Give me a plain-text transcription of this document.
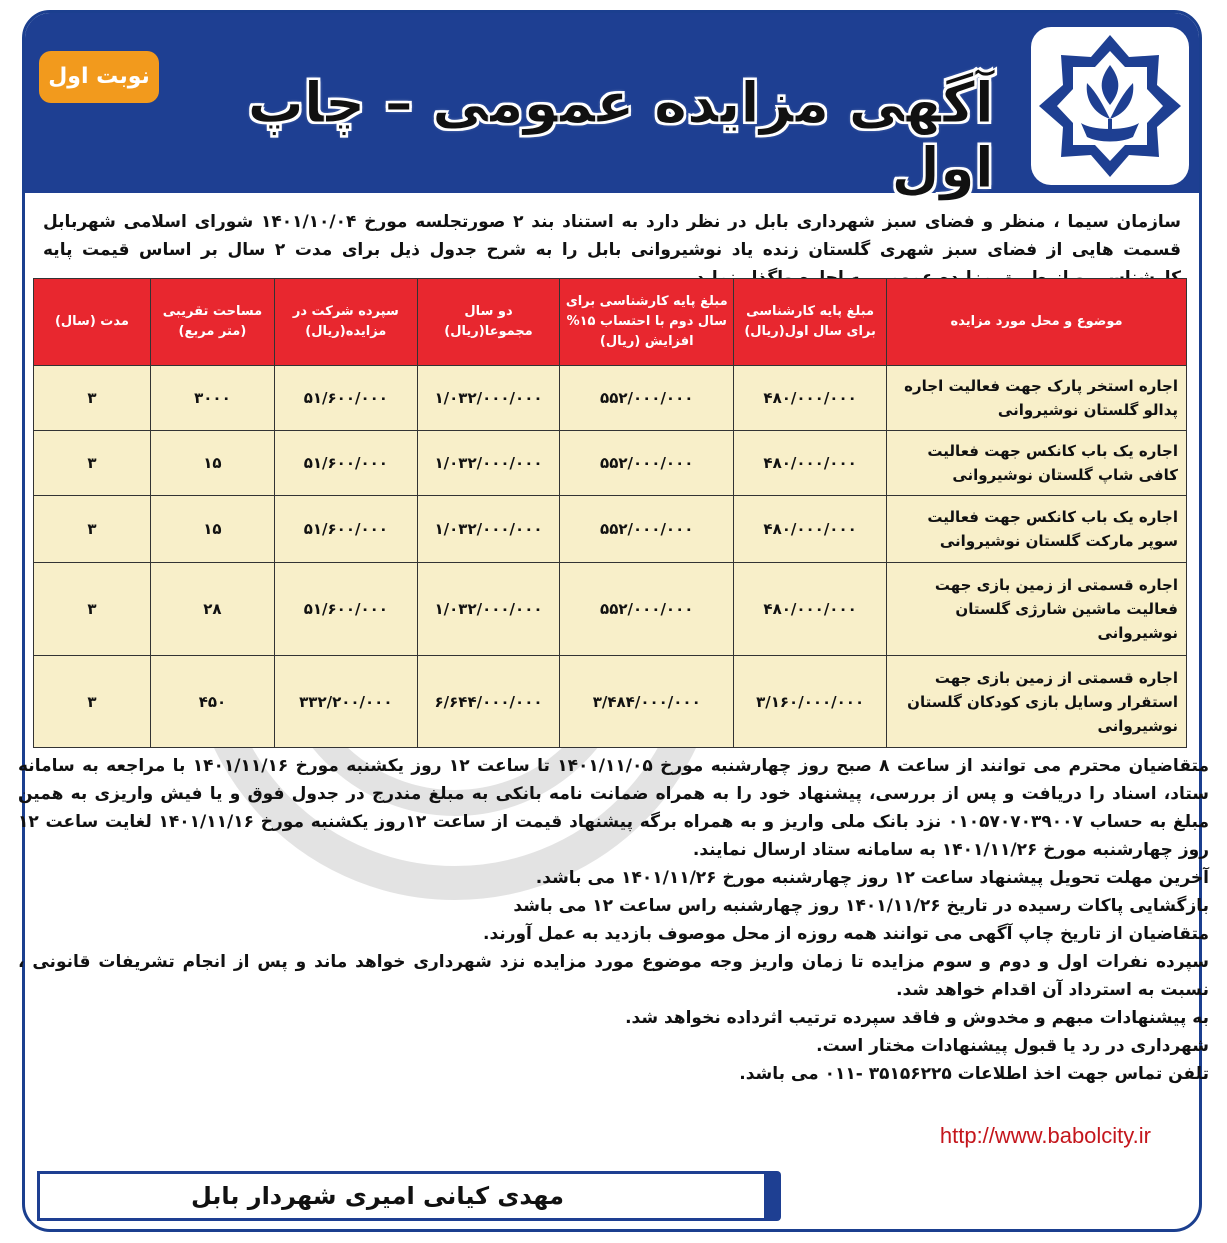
آگهی مزایده عمومی – چاپ اول
نوبت اول
سازمان سیما ، منظر و فضای سبز شهرداری بابل در نظر دارد به استناد بند ۲ صورتجلسه مورخ ۱۴۰۱/۱۰/۰۴ شورای اسلامی شهربابل قسمت هایی از فضای سبز شهری گلستان زنده یاد نوشیروانی بابل را به شرح جدول ذیل برای مدت ۲ سال بر اساس قیمت پایه
http://www.babolcity.ir
مهدی کیانی امیری شهردار بابل
موضوع و محل مورد مزایده	مبلغ پایه کارشناسی برای سال اول(ریال)	مبلغ پایه کارشناسی برای سال دوم با احتساب ۱۵% افزایش (ریال)	دو سال مجموعا(ریال)	سپرده شرکت در مزایده(ریال)	مساحت تقریبی (متر مربع)	مدت (سال)
اجاره استخر پارک جهت فعالیت اجاره پدالو گلستان نوشیروانی	۴۸۰/۰۰۰/۰۰۰	۵۵۲/۰۰۰/۰۰۰	۱/۰۳۲/۰۰۰/۰۰۰	۵۱/۶۰۰/۰۰۰	۳۰۰۰	۳
اجاره یک باب کانکس جهت فعالیت کافی شاپ گلستان نوشیروانی	۴۸۰/۰۰۰/۰۰۰	۵۵۲/۰۰۰/۰۰۰	۱/۰۳۲/۰۰۰/۰۰۰	۵۱/۶۰۰/۰۰۰	۱۵	۳
اجاره یک باب کانکس جهت فعالیت سوپر مارکت گلستان نوشیروانی	۴۸۰/۰۰۰/۰۰۰	۵۵۲/۰۰۰/۰۰۰	۱/۰۳۲/۰۰۰/۰۰۰	۵۱/۶۰۰/۰۰۰	۱۵	۳
اجاره قسمتی از زمین بازی جهت فعالیت ماشین شارژی گلستان نوشیروانی	۴۸۰/۰۰۰/۰۰۰	۵۵۲/۰۰۰/۰۰۰	۱/۰۳۲/۰۰۰/۰۰۰	۵۱/۶۰۰/۰۰۰	۲۸	۳
اجاره قسمتی از زمین بازی جهت استقرار وسایل بازی کودکان گلستان نوشیروانی	۳/۱۶۰/۰۰۰/۰۰۰	۳/۴۸۴/۰۰۰/۰۰۰	۶/۶۴۴/۰۰۰/۰۰۰	۳۳۲/۲۰۰/۰۰۰	۴۵۰	۳

متقاضیان محترم می توانند از ساعت ۸ صبح روز چهارشنبه مورخ ۱۴۰۱/۱۱/۰۵ تا ساعت ۱۲ روز یکشنبه مورخ ۱۴۰۱/۱۱/۱۶ با مراجعه به سامانه ستاد، اسناد را دریافت و پس از بررسی، پیشنهاد خود را به همراه ضمانت نامه بانکی به مبلغ مندرج در جدول فوق و یا فیش واریزی به همین مبلغ به حساب ۰۱۰۵۷۰۷۰۳۹۰۰۷ نزد بانک ملی واریز و به همراه برگه پیشنهاد قیمت از ساعت ۱۲روز یکشنبه مورخ ۱۴۰۱/۱۱/۱۶ لغایت ساعت ۱۲ روز چهارشنبه مورخ ۱۴۰۱/۱۱/۲۶ به سامانه ستاد ارسال نمایند.

آخرین مهلت تحویل پیشنهاد ساعت ۱۲ روز چهارشنبه مورخ ۱۴۰۱/۱۱/۲۶ می باشد.

بازگشایی پاکات رسیده در تاریخ ۱۴۰۱/۱۱/۲۶ روز چهارشنبه راس ساعت ۱۲ می باشد

متقاضیان از تاریخ چاپ آگهی می توانند همه روزه از محل موصوف بازدید به عمل آورند.

سپرده نفرات اول و دوم و سوم مزایده تا زمان واریز وجه موضوع مورد مزایده نزد شهرداری خواهد ماند و پس از انجام تشریفات قانونی ، نسبت به استرداد آن اقدام خواهد شد.

به پیشنهادات مبهم و مخدوش و فاقد سپرده ترتیب اثرداده نخواهد شد.

شهرداری در رد یا قبول پیشنهادات مختار است.

تلفن تماس جهت اخذ اطلاعات ۳۵۱۵۶۲۲۵ -۰۱۱ می باشد.
